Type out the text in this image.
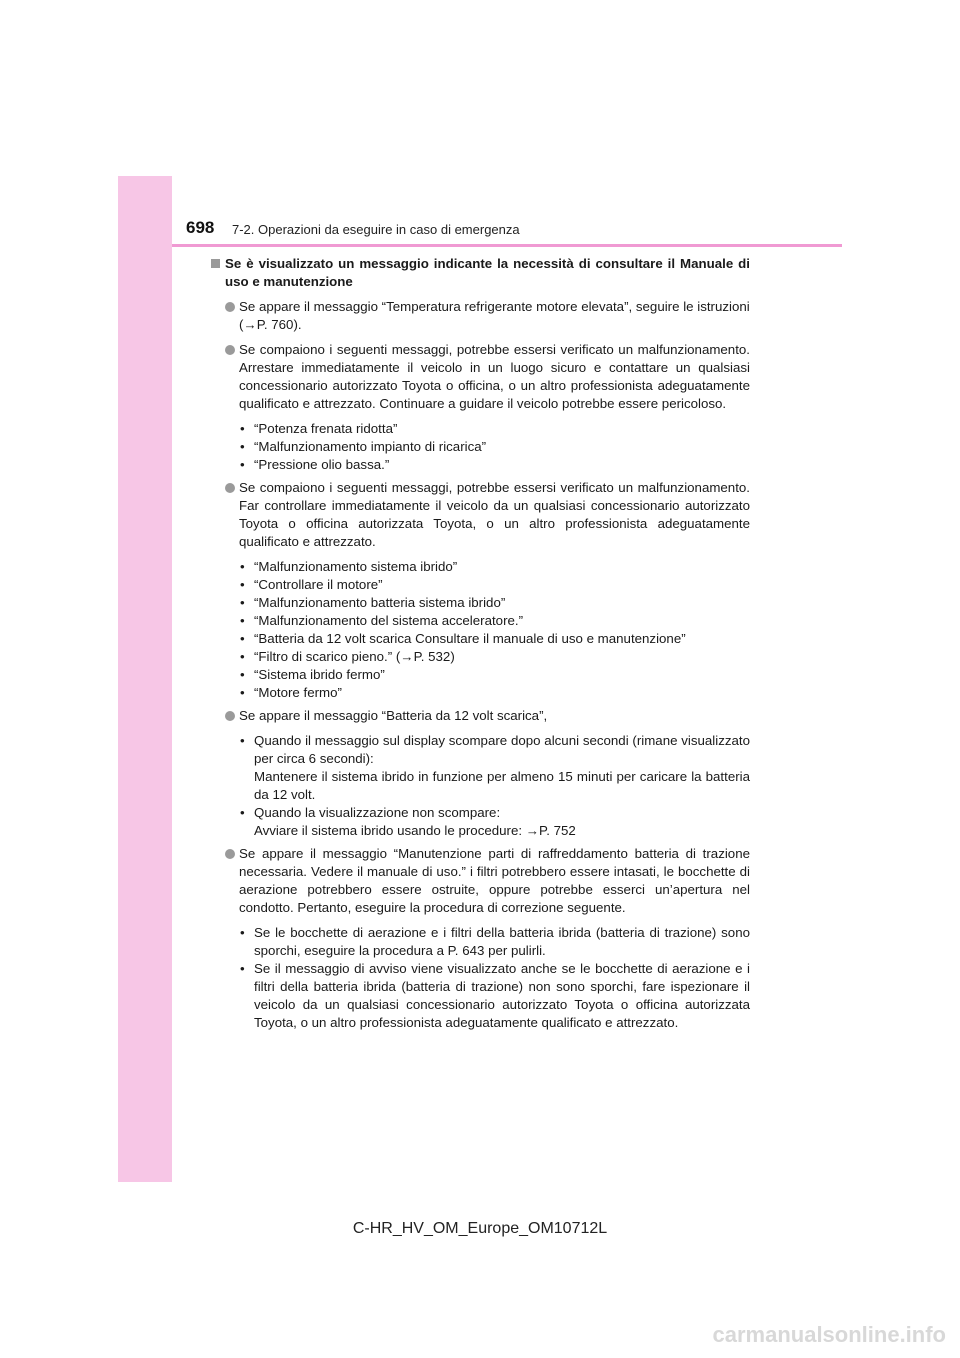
698 7-2. Operazioni da eseguire in caso di emergenza
Se è visualizzato un messaggio indicante la necessità di consultare il Manuale di uso e manutenzione
Se appare il messaggio “Temperatura refrigerante motore elevata”, seguire le istruzioni
(→P. 760).
Se compaiono i seguenti messaggi, potrebbe essersi verificato un malfunzionamento. Arrestare immediatamente il veicolo in un luogo sicuro e contattare un qualsiasi concessionario autorizzato Toyota o officina, o un altro professionista adeguatamente qualificato e attrezzato. Continuare a guidare il veicolo potrebbe essere pericoloso.
• “Potenza frenata ridotta”
• “Malfunzionamento impianto di ricarica”
• “Pressione olio bassa.”
Se compaiono i seguenti messaggi, potrebbe essersi verificato un malfunzionamento. Far controllare immediatamente il veicolo da un qualsiasi concessionario autorizzato Toyota o officina autorizzata Toyota, o un altro professionista adeguatamente qualificato e attrezzato.
• “Malfunzionamento sistema ibrido”
• “Controllare il motore”
• “Malfunzionamento batteria sistema ibrido”
• “Malfunzionamento del sistema acceleratore.”
• “Batteria da 12 volt scarica Consultare il manuale di uso e manutenzione”
• “Filtro di scarico pieno.” (→P. 532)
• “Sistema ibrido fermo”
• “Motore fermo”
Se appare il messaggio “Batteria da 12 volt scarica”,
• Quando il messaggio sul display scompare dopo alcuni secondi (rimane visualizzato per circa 6 secondi):
Mantenere il sistema ibrido in funzione per almeno 15 minuti per caricare la batteria da 12 volt.
• Quando la visualizzazione non scompare:
Avviare il sistema ibrido usando le procedure: →P. 752
Se appare il messaggio “Manutenzione parti di raffreddamento batteria di trazione necessaria. Vedere il manuale di uso.” i filtri potrebbero essere intasati, le bocchette di aerazione potrebbero essere ostruite, oppure potrebbe esserci un’apertura nel condotto. Pertanto, eseguire la procedura di correzione seguente.
• Se le bocchette di aerazione e i filtri della batteria ibrida (batteria di trazione) sono sporchi, eseguire la procedura a P. 643 per pulirli.
• Se il messaggio di avviso viene visualizzato anche se le bocchette di aerazione e i filtri della batteria ibrida (batteria di trazione) non sono sporchi, fare ispezionare il veicolo da un qualsiasi concessionario autorizzato Toyota o officina autorizzata Toyota, o un altro professionista adeguatamente qualificato e attrezzato.
C-HR_HV_OM_Europe_OM10712L
carmanualsonline.info
